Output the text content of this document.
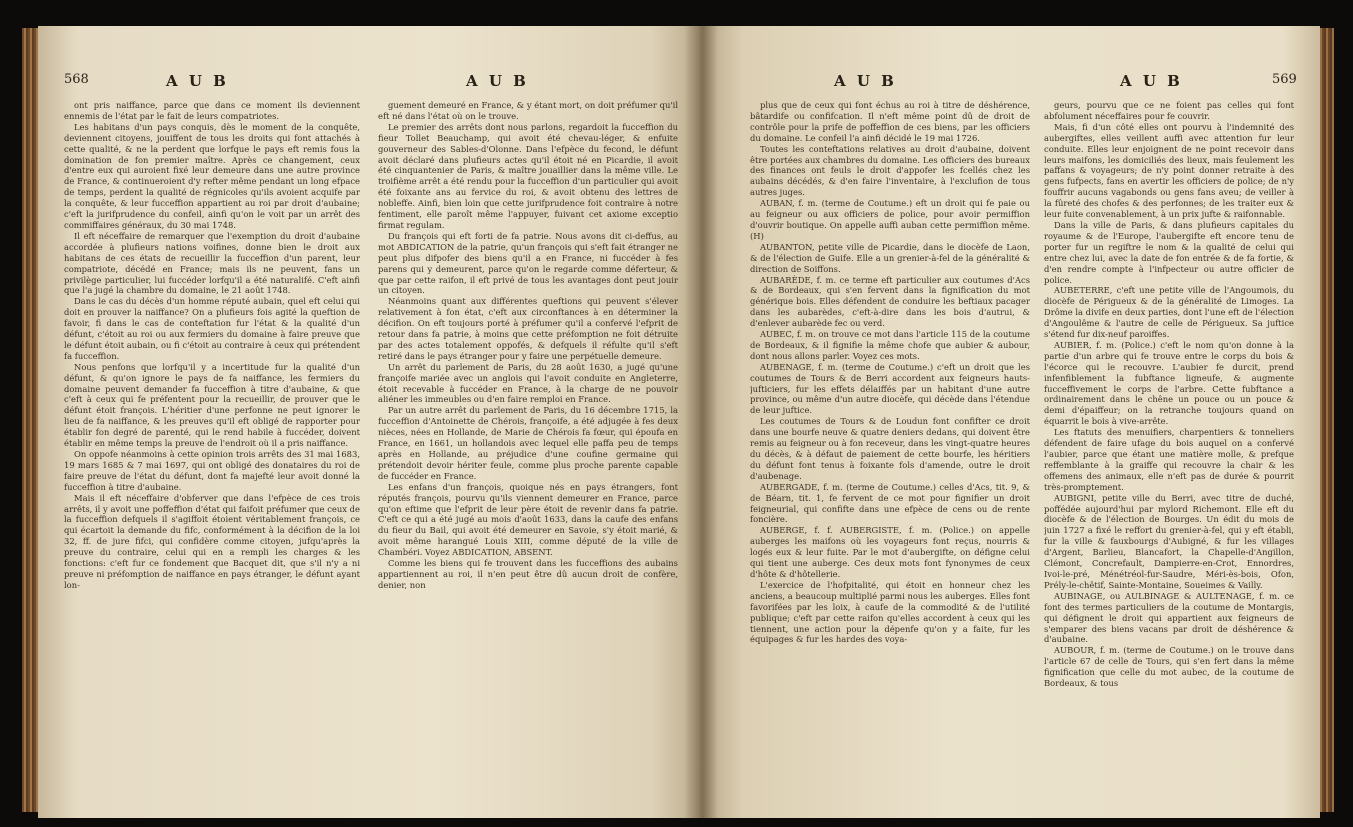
568	A U B	A U B

ont pris naiffance, parce que dans ce moment ils deviennent ennemis de l'état par le fait de leurs compatriotes.

Les habitans d'un pays conquis, dès le moment de la conquête, deviennent citoyens, jouiffent de tous les droits qui font attachés à cette qualité, & ne la perdent que lorfque le pays eft remis fous la domination de fon premier maître. Après ce changement, ceux d'entre eux qui auroient fixé leur demeure dans une autre province de France, & continueroient d'y refter même pendant un long efpace de temps, perdent la qualité de régnicoles qu'ils avoient acquife par la conquête, & leur fucceffion appartient au roi par droit d'aubaine; c'eft la jurifprudence du confeil, ainfi qu'on le voit par un arrêt des commiffaires généraux, du 30 mai 1748.

Il eft néceffaire de remarquer que l'exemption du droit d'aubaine accordée à plufieurs nations voifines, donne bien le droit aux habitans de ces états de recueillir la fucceffion d'un parent, leur compatriote, décédé en France; mais ils ne peuvent, fans un privilège particulier, lui fuccéder lorfqu'il a été naturalifé. C'eft ainfi que l'a jugé la chambre du domaine, le 21 août 1748.

Dans le cas du décès d'un homme réputé aubain, quel eft celui qui doit en prouver la naiffance? On a plufieurs fois agité la queftion de favoir, fi dans le cas de conteftation fur l'état & la qualité d'un défunt, c'étoit au roi ou aux fermiers du domaine à faire preuve que le défunt étoit aubain, ou fi c'étoit au contraire à ceux qui prétendent fa fucceffion.

Nous penfons que lorfqu'il y a incertitude fur la qualité d'un défunt, & qu'on ignore le pays de fa naiffance, les fermiers du domaine peuvent demander fa fucceffion à titre d'aubaine, & que c'eft à ceux qui fe préfentent pour la recueillir, de prouver que le défunt étoit françois. L'héritier d'une perfonne ne peut ignorer le lieu de fa naiffance, & les preuves qu'il eft obligé de rapporter pour établir fon degré de parenté, qui le rend habile à fuccéder, doivent établir en même temps la preuve de l'endroit où il a pris naiffance.

On oppofe néanmoins à cette opinion trois arrêts des 31 mai 1683, 19 mars 1685 & 7 mai 1697, qui ont obligé des donataires du roi de faire preuve de l'état du défunt, dont fa majefté leur avoit donné la fucceffion à titre d'aubaine.

Mais il eft néceffaire d'obferver que dans l'efpèce de ces trois arrêts, il y avoit une poffeffion d'état qui faifoit préfumer que ceux de la fucceffion defquels il s'agiffoit étoient véritablement françois, ce qui écartoit la demande du fifc, conformément à la décifion de la loi 32, ff. de jure fifci, qui confidère comme citoyen, jufqu'après la preuve du contraire, celui qui en a rempli les charges & les fonctions: c'eft fur ce fondement que Bacquet dit, que s'il n'y a ni preuve ni préfomption de naiffance en pays étranger, le défunt ayant lon-

guement demeuré en France, & y étant mort, on doit préfumer qu'il eft né dans l'état où on le trouve.

Le premier des arrêts dont nous parlons, regardoit la fucceffion du fieur Tollet Beauchamp, qui avoit été chevau-léger, & enfuite gouverneur des Sables-d'Olonne. Dans l'efpèce du fecond, le défunt avoit déclaré dans plufieurs actes qu'il étoit né en Picardie, il avoit été cinquantenier de Paris, & maître jouaillier dans la même ville. Le troifième arrêt a été rendu pour la fucceffion d'un particulier qui avoit été foixante ans au fervice du roi, & avoit obtenu des lettres de nobleffe. Ainfi, bien loin que cette jurifprudence foit contraire à notre fentiment, elle paroît même l'appuyer, fuivant cet axiome exceptio firmat regulam.

Du françois qui eft forti de fa patrie. Nous avons dit ci-deffus, au mot ABDICATION de la patrie, qu'un françois qui s'eft fait étranger ne peut plus difpofer des biens qu'il a en France, ni fuccéder à fes parens qui y demeurent, parce qu'on le regarde comme déferteur, & que par cette raifon, il eft privé de tous les avantages dont peut jouir un citoyen.

Néanmoins quant aux différentes queftions qui peuvent s'élever relativement à fon état, c'eft aux circonftances à en déterminer la décifion. On eft toujours porté à préfumer qu'il a confervé l'efprit de retour dans fa patrie, à moins que cette préfomption ne foit détruite par des actes totalement oppofés, & defquels il réfulte qu'il s'eft retiré dans le pays étranger pour y faire une perpétuelle demeure.

Un arrêt du parlement de Paris, du 28 août 1630, a jugé qu'une françoife mariée avec un anglois qui l'avoit conduite en Angleterre, étoit recevable à fuccéder en France, à la charge de ne pouvoir aliéner les immeubles ou d'en faire remploi en France.

Par un autre arrêt du parlement de Paris, du 16 décembre 1715, la fucceffion d'Antoinette de Chérois, françoife, a été adjugée à fes deux nièces, nées en Hollande, de Marie de Chérois fa fœur, qui époufa en France, en 1661, un hollandois avec lequel elle paffa peu de temps après en Hollande, au préjudice d'une coufine germaine qui prétendoit devoir hériter feule, comme plus proche parente capable de fuccéder en France.

Les enfans d'un françois, quoique nés en pays étrangers, font réputés françois, pourvu qu'ils viennent demeurer en France, parce qu'on eftime que l'efprit de leur père étoit de revenir dans fa patrie. C'eft ce qui a été jugé au mois d'août 1633, dans la caufe des enfans du fieur du Bail, qui avoit été demeurer en Savoie, s'y étoit marié, & avoit même harangué Louis XIII, comme député de la ville de Chambéri. Voyez ABDICATION, ABSENT.

Comme les biens qui fe trouvent dans les fucceffions des aubains appartiennent au roi, il n'en peut être dû aucun droit de confère, denier, non

A U B	A U B	569

plus que de ceux qui font échus au roi à titre de déshérence, bâtardife ou confifcation. Il n'eft même point dû de droit de contrôle pour la prife de poffeffion de ces biens, par les officiers du domaine. Le confeil l'a ainfi décidé le 19 mai 1726.

Toutes les conteftations relatives au droit d'aubaine, doivent être portées aux chambres du domaine. Les officiers des bureaux des finances ont feuls le droit d'appofer les fcellés chez les aubains décédés, & d'en faire l'inventaire, à l'exclufion de tous autres juges.

AUBAN, f. m. (terme de Coutume.) eft un droit qui fe paie ou au feigneur ou aux officiers de police, pour avoir permiffion d'ouvrir boutique. On appelle auffi auban cette permiffion même. (H)

AUBANTON, petite ville de Picardie, dans le diocèfe de Laon, & de l'élection de Guife. Elle a un grenier-à-fel de la généralité & direction de Soiffons.

AUBARÈDE, f. m. ce terme eft particulier aux coutumes d'Acs & de Bordeaux, qui s'en fervent dans la fignification du mot générique bois. Elles défendent de conduire les beftiaux pacager dans les aubarèdes, c'eft-à-dire dans les bois d'autrui, & d'enlever aubarède fec ou verd.

AUBEC, f. m. on trouve ce mot dans l'article 115 de la coutume de Bordeaux, & il fignifie la même chofe que aubier & aubour, dont nous allons parler. Voyez ces mots.

AUBENAGE, f. m. (terme de Coutume.) c'eft un droit que les coutumes de Tours & de Berri accordent aux feigneurs hauts-jufticiers, fur les effets délaiffés par un habitant d'une autre province, ou même d'un autre diocèfe, qui décède dans l'étendue de leur juftice.

Les coutumes de Tours & de Loudun font confifter ce droit dans une bourfe neuve & quatre deniers dedans, qui doivent être remis au feigneur ou à fon receveur, dans les vingt-quatre heures du décès, & à défaut de paiement de cette bourfe, les héritiers du défunt font tenus à foixante fols d'amende, outre le droit d'aubenage.

AUBERGADE, f. m. (terme de Coutume.) celles d'Acs, tit. 9, & de Béarn, tit. 1, fe fervent de ce mot pour fignifier un droit feigneurial, qui confifte dans une efpèce de cens ou de rente foncière.

AUBERGE, f. f. AUBERGISTE, f. m. (Police.) on appelle auberges les maifons où les voyageurs font reçus, nourris & logés eux & leur fuite. Par le mot d'aubergifte, on défigne celui qui tient une auberge. Ces deux mots font fynonymes de ceux d'hôte & d'hôtellerie.

L'exercice de l'hofpitalité, qui étoit en honneur chez les anciens, a beaucoup multiplié parmi nous les auberges. Elles font favorifées par les loix, à caufe de la commodité & de l'utilité publique; c'eft par cette raifon qu'elles accordent à ceux qui les tiennent, une action pour la dépenfe qu'on y a faite, fur les équipages & fur les hardes des voya-

geurs, pourvu que ce ne foient pas celles qui font abfolument néceffaires pour fe couvrir.

Mais, fi d'un côté elles ont pourvu à l'indemnité des aubergiftes, elles veillent auffi avec attention fur leur conduite. Elles leur enjoignent de ne point recevoir dans leurs maifons, les domiciliés des lieux, mais feulement les paffans & voyageurs; de n'y point donner retraite à des gens fufpects, fans en avertir les officiers de police; de n'y fouffrir aucuns vagabonds ou gens fans aveu; de veiller à la fûreté des chofes & des perfonnes; de les traiter eux & leur fuite convenablement, à un prix jufte & raifonnable.

Dans la ville de Paris, & dans plufieurs capitales du royaume & de l'Europe, l'aubergifte eft encore tenu de porter fur un regiftre le nom & la qualité de celui qui entre chez lui, avec la date de fon entrée & de fa fortie, & d'en rendre compte à l'infpecteur ou autre officier de police.

AUBETERRE, c'eft une petite ville de l'Angoumois, du diocèfe de Périgueux & de la généralité de Limoges. La Drôme la divife en deux parties, dont l'une eft de l'élection d'Angoulême & l'autre de celle de Périgueux. Sa juftice s'étend fur dix-neuf paroiffes.

AUBIER, f. m. (Police.) c'eft le nom qu'on donne à la partie d'un arbre qui fe trouve entre le corps du bois & l'écorce qui le recouvre. L'aubier fe durcit, prend infenfiblement la fubftance ligneufe, & augmente fucceffivement le corps de l'arbre. Cette fubftance a ordinairement dans le chêne un pouce ou un pouce & demi d'épaiffeur; on la retranche toujours quand on équarrit le bois à vive-arrête.

Les ftatuts des menuifiers, charpentiers & tonneliers défendent de faire ufage du bois auquel on a confervé l'aubier, parce que étant une matière molle, & prefque reffemblante à la graiffe qui recouvre la chair & les offemens des animaux, elle n'eft pas de durée & pourrit très-promptement.

AUBIGNI, petite ville du Berri, avec titre de duché, poffédée aujourd'hui par mylord Richemont. Elle eft du diocèfe & de l'élection de Bourges. Un édit du mois de juin 1727 a fixé le reffort du grenier-à-fel, qui y eft établi, fur la ville & fauxbourgs d'Aubigné, & fur les villages d'Argent, Barlieu, Blancafort, la Chapelle-d'Angillon, Clémont, Concrefault, Dampierre-en-Crot, Ennordres, Ivoi-le-pré, Ménétréol-fur-Saudre, Méri-ès-bois, Ofon, Prély-le-chêtif, Sainte-Montaine, Soueimes & Vailly.

AUBINAGE, ou AULBINAGE & AULTENAGE, f. m. ce font des termes particuliers de la coutume de Montargis, qui défignent le droit qui appartient aux feigneurs de s'emparer des biens vacans par droit de déshérence & d'aubaine.

AUBOUR, f. m. (terme de Coutume.) on le trouve dans l'article 67 de celle de Tours, qui s'en fert dans la même fignification que celle du mot aubec, de la coutume de Bordeaux, & tous
